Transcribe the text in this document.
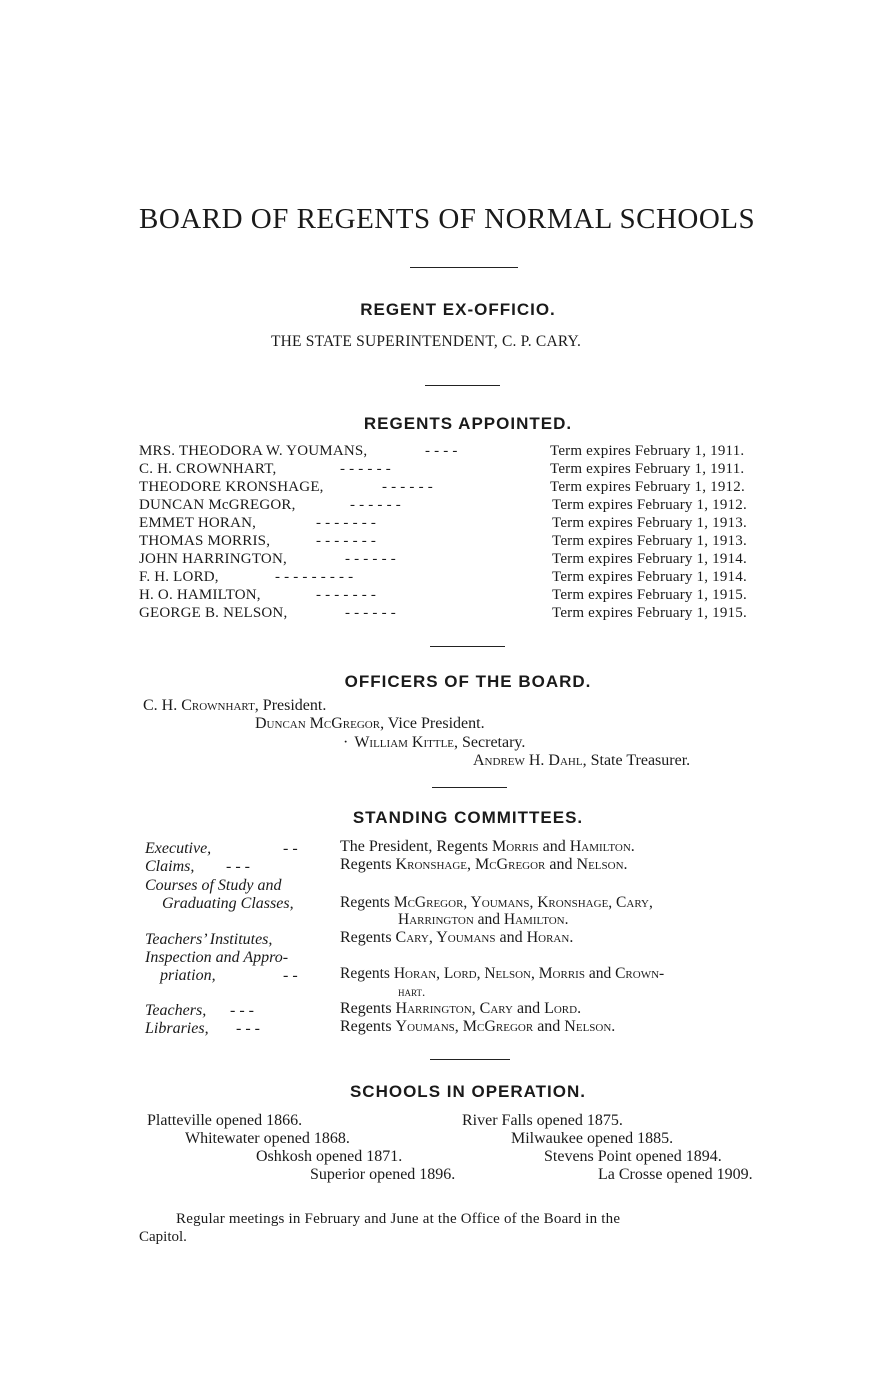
BOARD OF REGENTS OF NORMAL SCHOOLS
REGENT EX-OFFICIO.
THE STATE SUPERINTENDENT, C. P. CARY.
REGENTS APPOINTED.
MRS. THEODORA W. YOUMANS,	- - - -	Term expires February 1, 1911.
C. H. CROWNHART,	- - - - - -	Term expires February 1, 1911.
THEODORE KRONSHAGE,	- - - - - -	Term expires February 1, 1912.
DUNCAN McGREGOR,	- - - - - -	Term expires February 1, 1912.
EMMET HORAN,	- - - - - - -	Term expires February 1, 1913.
THOMAS MORRIS,	- - - - - - -	Term expires February 1, 1913.
JOHN HARRINGTON,	- - - - - -	Term expires February 1, 1914.
F. H. LORD,	- - - - - - - - -	Term expires February 1, 1914.
H. O. HAMILTON,	- - - - - - -	Term expires February 1, 1915.
GEORGE B. NELSON,	- - - - - -	Term expires February 1, 1915.
OFFICERS OF THE BOARD.
C. H. Crownhart, President.
Duncan McGregor, Vice President.
· William Kittle, Secretary.
Andrew H. Dahl, State Treasurer.
STANDING COMMITTEES.
Executive,	- -	The President, Regents Morris and Hamilton.
Claims, - - -	Regents Kronshage, McGregor and Nelson.
Courses of Study and
Graduating Classes,	Regents McGregor, Youmans, Kronshage, Cary,
Harrington and Hamilton.
Teachers’ Institutes,	Regents Cary, Youmans and Horan.
Inspection and Appro-
priation,	- -	Regents Horan, Lord, Nelson, Morris and Crown-
hart.
Teachers, - - -	Regents Harrington, Cary and Lord.
Libraries, - - -	Regents Youmans, McGregor and Nelson.
SCHOOLS IN OPERATION.
Platteville opened 1866.	River Falls opened 1875.
Whitewater opened 1868.	Milwaukee opened 1885.
Oshkosh opened 1871.	Stevens Point opened 1894.
Superior opened 1896.	La Crosse opened 1909.
Regular meetings in February and June at the Office of the Board in the
Capitol.
